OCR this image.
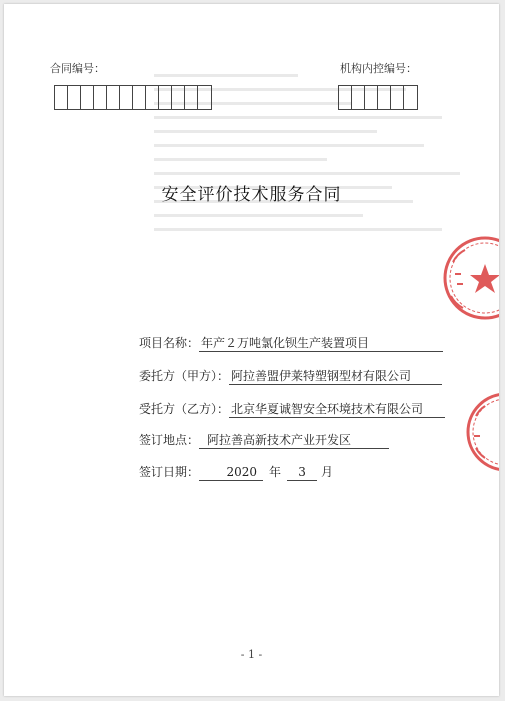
合同编号：	机构内控编号：
安全评价技术服务合同
项目名称： 年产２万吨氯化钡生产装置项目
委托方（甲方）： 阿拉善盟伊莱特塑钢型材有限公司
受托方（乙方）： 北京华夏诚智安全环境技术有限公司
签订地点： 阿拉善高新技术产业开发区
签订日期： 2020 年 3 月
- 1 -
